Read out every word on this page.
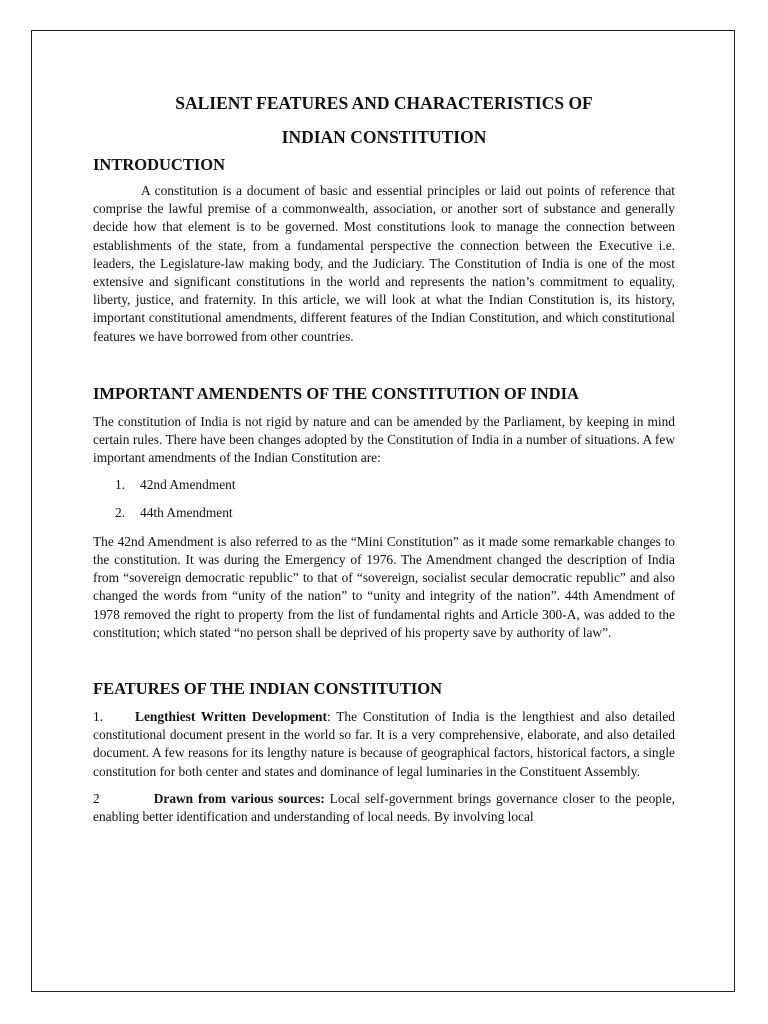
SALIENT FEATURES AND CHARACTERISTICS OF
INDIAN CONSTITUTION
INTRODUCTION

A constitution is a document of basic and essential principles or laid out points of reference that comprise the lawful premise of a commonwealth, association, or another sort of substance and generally decide how that element is to be governed. Most constitutions look to manage the connection between establishments of the state, from a fundamental perspective the connection between the Executive i.e. leaders, the Legislature-law making body, and the Judiciary. The Constitution of India is one of the most extensive and significant constitutions in the world and represents the nation’s commitment to equality, liberty, justice, and fraternity. In this article, we will look at what the Indian Constitution is, its history, important constitutional amendments, different features of the Indian Constitution, and which constitutional features we have borrowed from other countries.

IMPORTANT AMENDENTS OF THE CONSTITUTION OF INDIA

The constitution of India is not rigid by nature and can be amended by the Parliament, by keeping in mind certain rules. There have been changes adopted by the Constitution of India in a number of situations. A few important amendments of the Indian Constitution are:

1.	42nd Amendment
2.	44th Amendment

The 42nd Amendment is also referred to as the “Mini Constitution” as it made some remarkable changes to the constitution. It was during the Emergency of 1976. The Amendment changed the description of India from “sovereign democratic republic” to that of “sovereign, socialist secular democratic republic” and also changed the words from “unity of the nation” to “unity and integrity of the nation”. 44th Amendment of 1978 removed the right to property from the list of fundamental rights and Article 300-A, was added to the constitution; which stated “no person shall be deprived of his property save by authority of law”.

FEATURES OF THE INDIAN CONSTITUTION

1. Lengthiest Written Development: The Constitution of India is the lengthiest and also detailed constitutional document present in the world so far. It is a very comprehensive, elaborate, and also detailed document. A few reasons for its lengthy nature is because of geographical factors, historical factors, a single constitution for both center and states and dominance of legal luminaries in the Constituent Assembly.

2	Drawn from various sources: Local self-government brings governance closer to the people, enabling better identification and understanding of local needs. By involving local
